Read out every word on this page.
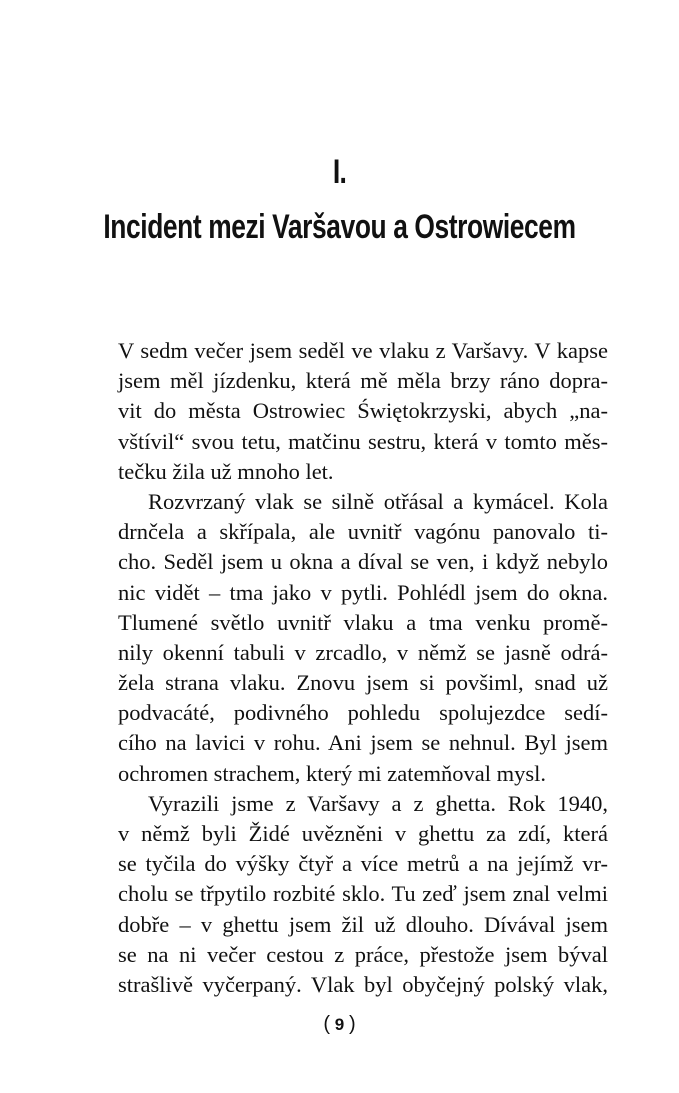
I.
Incident mezi Varšavou a Ostrowiecem
V sedm večer jsem seděl ve vlaku z Varšavy. V kapse
jsem měl jízdenku, která mě měla brzy ráno dopra-
vit do města Ostrowiec Świętokrzyski, abych „na-
vštívil“ svou tetu, matčinu sestru, která v tomto měs-
tečku žila už mnoho let.
Rozvrzaný vlak se silně otřásal a kymácel. Kola
drnčela a skřípala, ale uvnitř vagónu panovalo ti-
cho. Seděl jsem u okna a díval se ven, i když nebylo
nic vidět – tma jako v pytli. Pohlédl jsem do okna.
Tlumené světlo uvnitř vlaku a tma venku promě-
nily okenní tabuli v zrcadlo, v němž se jasně odrá-
žela strana vlaku. Znovu jsem si povšiml, snad už
podvacáté, podivného pohledu spolujezdce sedí-
cího na lavici v rohu. Ani jsem se nehnul. Byl jsem
ochromen strachem, který mi zatemňoval mysl.
Vyrazili jsme z Varšavy a z ghetta. Rok 1940,
v němž byli Židé uvězněni v ghettu za zdí, která
se tyčila do výšky čtyř a více metrů a na jejímž vr-
cholu se třpytilo rozbité sklo. Tu zeď jsem znal velmi
dobře – v ghettu jsem žil už dlouho. Dívával jsem
se na ni večer cestou z práce, přestože jsem býval
strašlivě vyčerpaný. Vlak byl obyčejný polský vlak,
( 9 )
